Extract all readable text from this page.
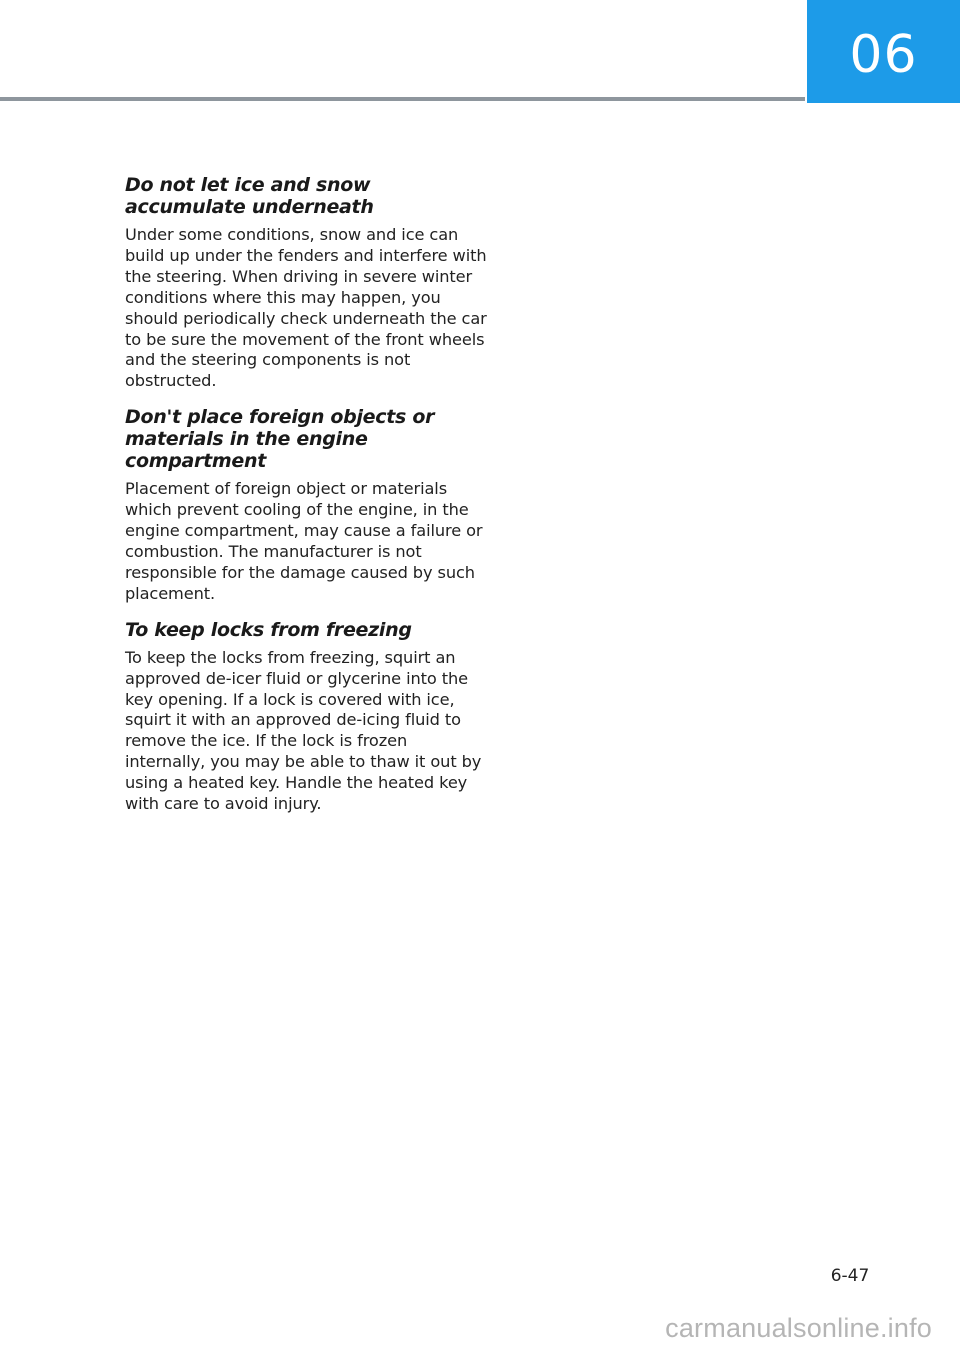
06
Do not let ice and snow accumulate underneath

Under some conditions, snow and ice can build up under the fenders and interfere with the steering. When driving in severe winter conditions where this may happen, you should periodically check underneath the car to be sure the movement of the front wheels and the steering components is not obstructed.

Don't place foreign objects or materials in the engine compartment

Placement of foreign object or materials which prevent cooling of the engine, in the engine compartment, may cause a failure or combustion. The manufacturer is not responsible for the damage caused by such placement.

To keep locks from freezing

To keep the locks from freezing, squirt an approved de-icer fluid or glycerine into the key opening. If a lock is covered with ice, squirt it with an approved de-icing fluid to remove the ice. If the lock is frozen internally, you may be able to thaw it out by using a heated key. Handle the heated key with care to avoid injury.

6-47
carmanualsonline.info
